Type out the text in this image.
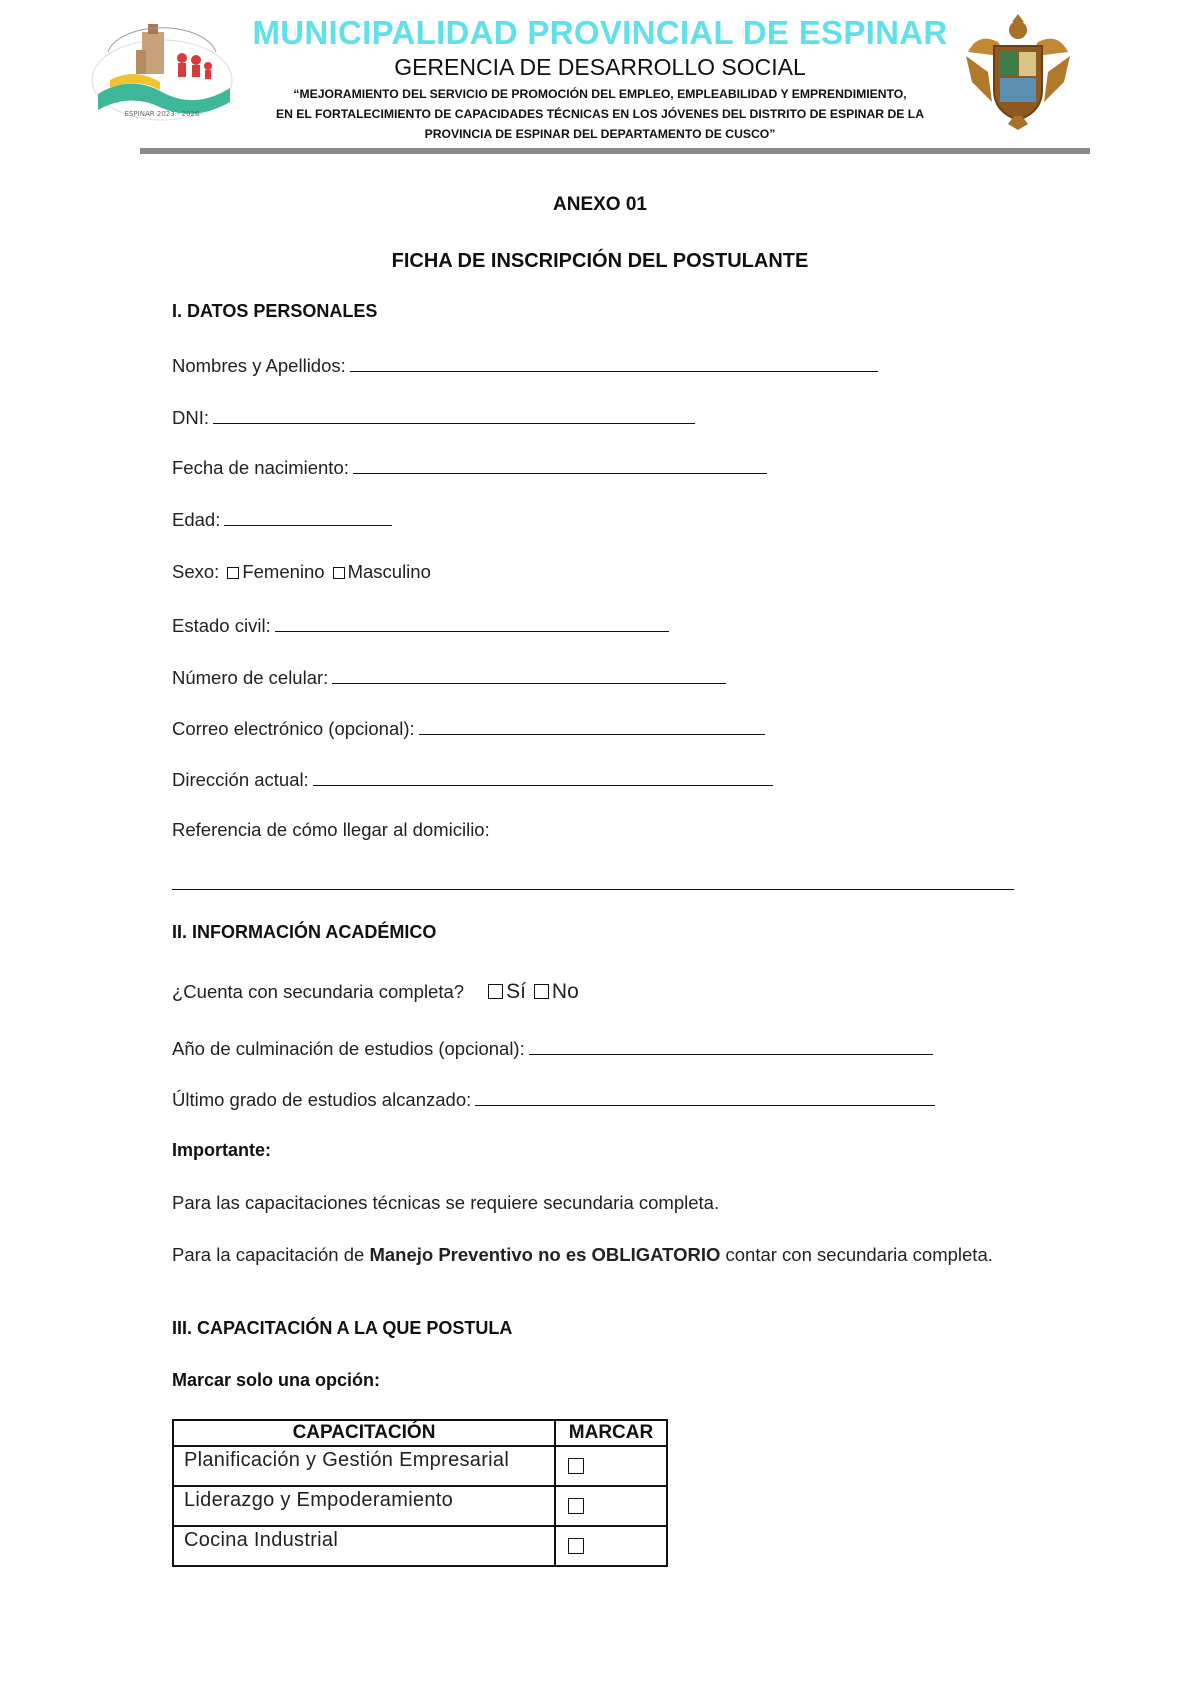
ESPINAR 2023 - 2026
MUNICIPALIDAD PROVINCIAL DE ESPINAR
GERENCIA DE DESARROLLO SOCIAL
“MEJORAMIENTO DEL SERVICIO DE PROMOCIÓN DEL EMPLEO, EMPLEABILIDAD Y EMPRENDIMIENTO,
EN EL FORTALECIMIENTO DE CAPACIDADES TÉCNICAS EN LOS JÓVENES DEL DISTRITO DE ESPINAR DE LA
PROVINCIA DE ESPINAR DEL DEPARTAMENTO DE CUSCO”
ANEXO 01
FICHA DE INSCRIPCIÓN DEL POSTULANTE
I. DATOS PERSONALES
Nombres y Apellidos:
DNI:
Fecha de nacimiento:
Edad:
Sexo: Femenino Masculino
Estado civil:
Número de celular:
Correo electrónico (opcional):
Dirección actual:
Referencia de cómo llegar al domicilio:
II. INFORMACIÓN ACADÉMICO
¿Cuenta con secundaria completa? Sí No
Año de culminación de estudios (opcional):
Último grado de estudios alcanzado:
Importante:
Para las capacitaciones técnicas se requiere secundaria completa.
Para la capacitación de Manejo Preventivo no es OBLIGATORIO contar con secundaria completa.
III. CAPACITACIÓN A LA QUE POSTULA
Marcar solo una opción:
CAPACITACIÓN	MARCAR
Planificación y Gestión Empresarial	

Liderazgo y Empoderamiento	

Cocina Industrial	
